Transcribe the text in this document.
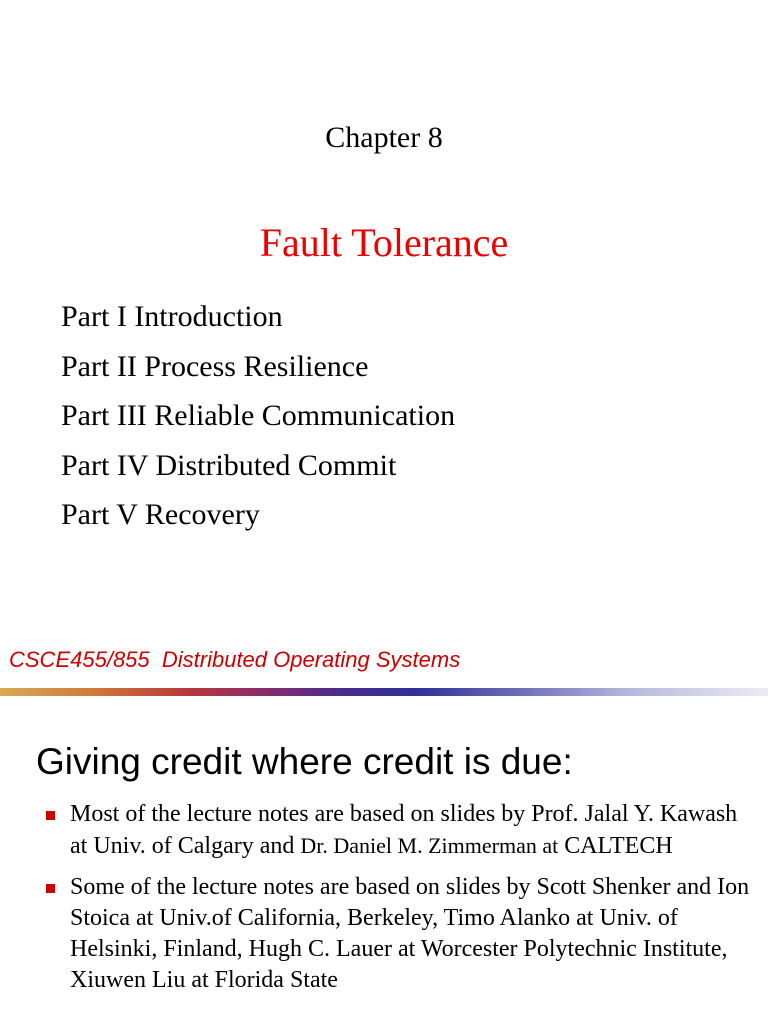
Chapter 8
Fault Tolerance
Part I Introduction
Part II Process Resilience
Part III Reliable Communication
Part IV Distributed Commit
Part V Recovery
CSCE455/855  Distributed Operating Systems
Giving credit where credit is due:
Most of the lecture notes are based on slides by Prof. Jalal Y. Kawash at Univ. of Calgary and Dr. Daniel M. Zimmerman at CALTECH
Some of the lecture notes are based on slides by Scott Shenker and Ion Stoica at Univ.of California, Berkeley, Timo Alanko at Univ. of Helsinki, Finland, Hugh C. Lauer at Worcester Polytechnic Institute, Xiuwen Liu at Florida State
